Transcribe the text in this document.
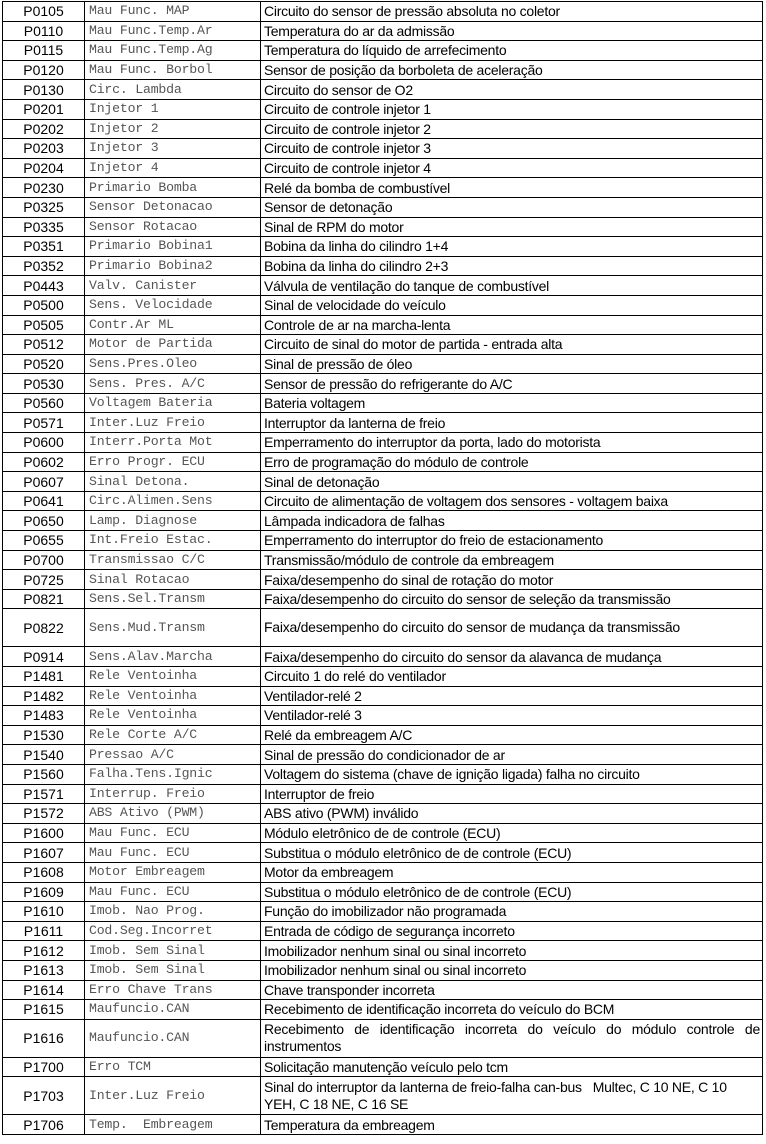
P0105	Mau Func. MAP	Circuito do sensor de pressão absoluta no coletor
P0110	Mau Func.Temp.Ar	Temperatura do ar da admissão
P0115	Mau Func.Temp.Ag	Temperatura do líquido de arrefecimento
P0120	Mau Func. Borbol	Sensor de posição da borboleta de aceleração
P0130	Circ. Lambda	Circuito do sensor de O2
P0201	Injetor 1	Circuito de controle injetor 1
P0202	Injetor 2	Circuito de controle injetor 2
P0203	Injetor 3	Circuito de controle injetor 3
P0204	Injetor 4	Circuito de controle injetor 4
P0230	Primario Bomba	Relé da bomba de combustível
P0325	Sensor Detonacao	Sensor de detonação
P0335	Sensor Rotacao	Sinal de RPM do motor
P0351	Primario Bobina1	Bobina da linha do cilindro 1+4
P0352	Primario Bobina2	Bobina da linha do cilindro 2+3
P0443	Valv. Canister	Válvula de ventilação do tanque de combustível
P0500	Sens. Velocidade	Sinal de velocidade do veículo
P0505	Contr.Ar ML	Controle de ar na marcha-lenta
P0512	Motor de Partida	Circuito de sinal do motor de partida - entrada alta
P0520	Sens.Pres.Oleo	Sinal de pressão de óleo
P0530	Sens. Pres. A/C	Sensor de pressão do refrigerante do A/C
P0560	Voltagem Bateria	Bateria voltagem
P0571	Inter.Luz Freio	Interruptor da lanterna de freio
P0600	Interr.Porta Mot	Emperramento do interruptor da porta, lado do motorista
P0602	Erro Progr. ECU	Erro de programação do módulo de controle
P0607	Sinal Detona.	Sinal de detonação
P0641	Circ.Alimen.Sens	Circuito de alimentação de voltagem dos sensores - voltagem baixa
P0650	Lamp. Diagnose	Lâmpada indicadora de falhas
P0655	Int.Freio Estac.	Emperramento do interruptor do freio de estacionamento
P0700	Transmissao C/C	Transmissão/módulo de controle da embreagem
P0725	Sinal Rotacao	Faixa/desempenho do sinal de rotação do motor
P0821	Sens.Sel.Transm	Faixa/desempenho do circuito do sensor de seleção da transmissão
P0822	Sens.Mud.Transm	Faixa/desempenho do circuito do sensor de mudança da transmissão
P0914	Sens.Alav.Marcha	Faixa/desempenho do circuito do sensor da alavanca de mudança
P1481	Rele Ventoinha	Circuito 1 do relé do ventilador
P1482	Rele Ventoinha	Ventilador-relé 2
P1483	Rele Ventoinha	Ventilador-relé 3
P1530	Rele Corte A/C	Relé da embreagem A/C
P1540	Pressao A/C	Sinal de pressão do condicionador de ar
P1560	Falha.Tens.Ignic	Voltagem do sistema (chave de ignição ligada) falha no circuito
P1571	Interrup. Freio	Interruptor de freio
P1572	ABS Ativo (PWM)	ABS ativo (PWM) inválido
P1600	Mau Func. ECU	Módulo eletrônico de de controle (ECU)
P1607	Mau Func. ECU	Substitua o módulo eletrônico de de controle (ECU)
P1608	Motor Embreagem	Motor da embreagem
P1609	Mau Func. ECU	Substitua o módulo eletrônico de de controle (ECU)
P1610	Imob. Nao Prog.	Função do imobilizador não programada
P1611	Cod.Seg.Incorret	Entrada de código de segurança incorreto
P1612	Imob. Sem Sinal	Imobilizador nenhum sinal ou sinal incorreto
P1613	Imob. Sem Sinal	Imobilizador nenhum sinal ou sinal incorreto
P1614	Erro Chave Trans	Chave transponder incorreta
P1615	Maufuncio.CAN	Recebimento de identificação incorreta do veículo do BCM
P1616	Maufuncio.CAN	Recebimento de identificação incorreta do veículo do módulo controle de instrumentos
P1700	Erro TCM	Solicitação manutenção veículo pelo tcm
P1703	Inter.Luz Freio	Sinal do interruptor da lanterna de freio-falha can-bus   Multec, C 10 NE, C 10 YEH, C 18 NE, C 16 SE
P1706	Temp.  Embreagem	Temperatura da embreagem
